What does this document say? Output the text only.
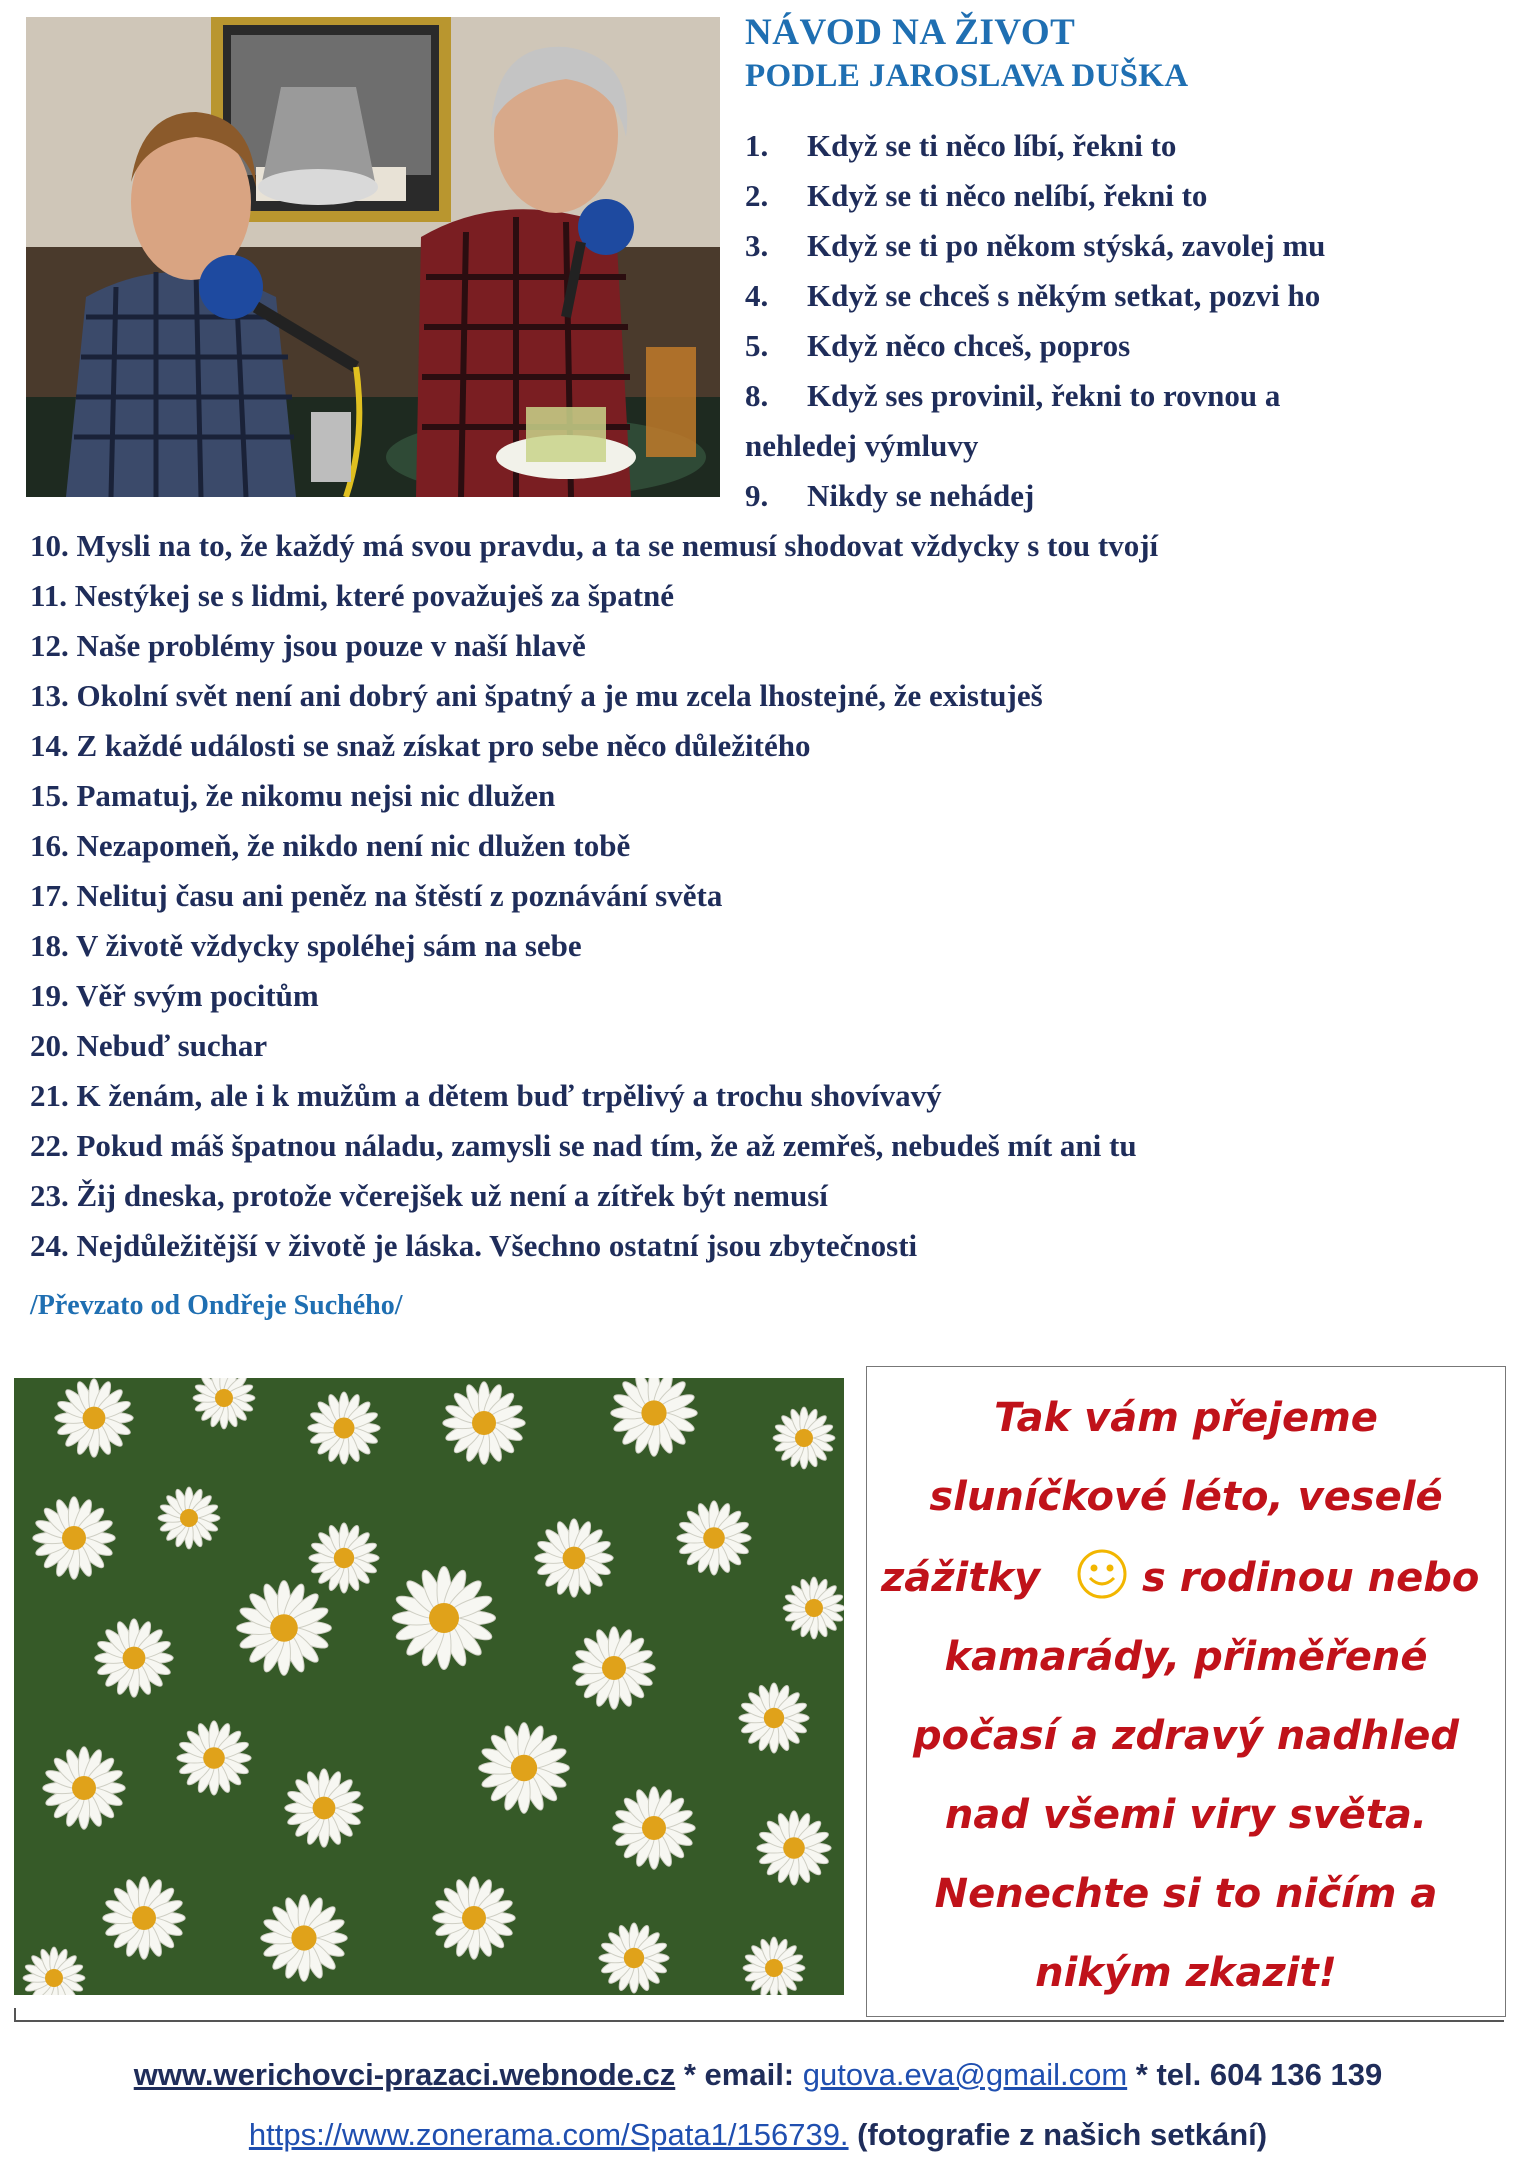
NÁVOD NA ŽIVOT
PODLE JAROSLAVA DUŠKA
1. Když se ti něco líbí, řekni to
2. Když se ti něco nelíbí, řekni to
3. Když se ti po někom stýská, zavolej mu
4. Když se chceš s někým setkat, pozvi ho
5. Když něco chceš, popros
8. Když ses provinil, řekni to rovnou a
nehledej výmluvy
9. Nikdy se nehádej
10. Mysli na to, že každý má svou pravdu, a ta se nemusí shodovat vždycky s tou tvojí
11. Nestýkej se s lidmi, které považuješ za špatné
12. Naše problémy jsou pouze v naší hlavě
13. Okolní svět není ani dobrý ani špatný a je mu zcela lhostejné, že existuješ
14. Z každé události se snaž získat pro sebe něco důležitého
15. Pamatuj, že nikomu nejsi nic dlužen
16. Nezapomeň, že nikdo není nic dlužen tobě
17. Nelituj času ani peněz na štěstí z poznávání světa
18. V životě vždycky spoléhej sám na sebe
19. Věř svým pocitům
20. Nebuď suchar
21. K ženám, ale i k mužům a dětem buď trpělivý a trochu shovívavý
22. Pokud máš špatnou náladu, zamysli se nad tím, že až zemřeš, nebudeš mít ani tu
23. Žij dneska, protože včerejšek už není a zítřek být nemusí
24. Nejdůležitější v životě je láska. Všechno ostatní jsou zbytečnosti
/Převzato od Ondřeje Suchého/
Tak vám přejeme
sluníčkové léto, veselé
zážitky	s rodinou nebo
kamarády, přiměřené
počasí a zdravý nadhled
nad všemi viry světa.
Nenechte si to ničím a
nikým zkazit!
www.werichovci-prazaci.webnode.cz * email: gutova.eva@gmail.com * tel. 604 136 139
https://www.zonerama.com/Spata1/156739. (fotografie z našich setkání)
